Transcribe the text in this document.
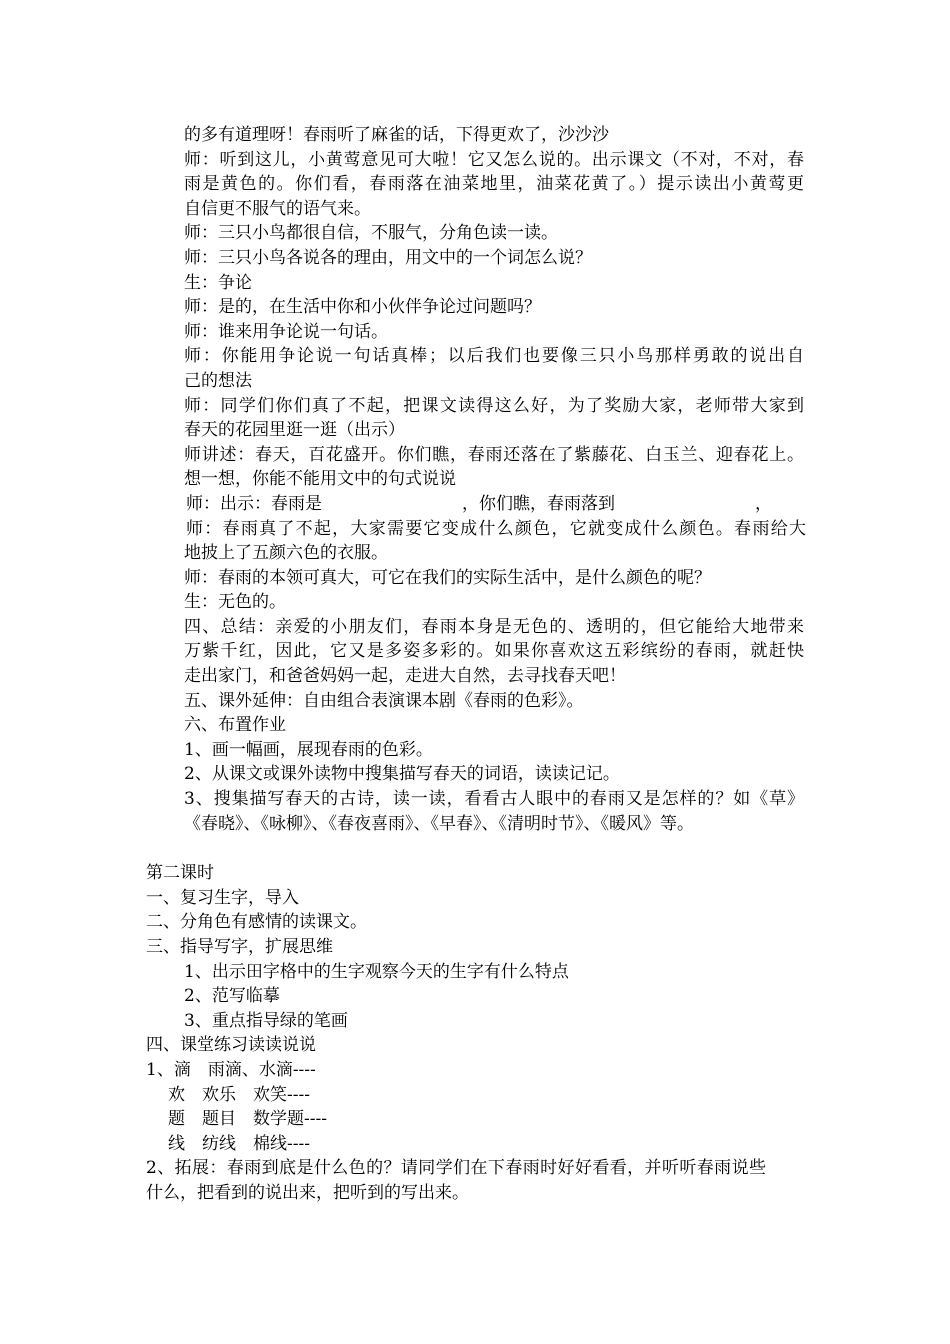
的多有道理呀！春雨听了麻雀的话，下得更欢了，沙沙沙

师：听到这儿，小黄莺意见可大啦！它又怎么说的。出示课文（不对，不对，春

雨是黄色的。你们看，春雨落在油菜地里，油菜花黄了。）提示读出小黄莺更

自信更不服气的语气来。

师：三只小鸟都很自信，不服气，分角色读一读。

师：三只小鸟各说各的理由，用文中的一个词怎么说？

生：争论

师：是的，在生活中你和小伙伴争论过问题吗？

师：谁来用争论说一句话。

师：你能用争论说一句话真棒；以后我们也要像三只小鸟那样勇敢的说出自

己的想法

师：同学们你们真了不起，把课文读得这么好，为了奖励大家，老师带大家到

春天的花园里逛一逛（出示）

师讲述：春天，百花盛开。你们瞧，春雨还落在了紫藤花、白玉兰、迎春花上。

想一想，你能不能用文中的句式说说

师：出示：春雨是	，你们瞧，春雨落到	，

师：春雨真了不起，大家需要它变成什么颜色，它就变成什么颜色。春雨给大

地披上了五颜六色的衣服。

师：春雨的本领可真大，可它在我们的实际生活中，是什么颜色的呢？

生：无色的。

四、总结：亲爱的小朋友们，春雨本身是无色的、透明的，但它能给大地带来

万紫千红，因此，它又是多姿多彩的。如果你喜欢这五彩缤纷的春雨，就赶快

走出家门，和爸爸妈妈一起，走进大自然，去寻找春天吧！

五、课外延伸：自由组合表演课本剧《春雨的色彩》。

六、布置作业

1、画一幅画，展现春雨的色彩。

2、从课文或课外读物中搜集描写春天的词语，读读记记。

3、搜集描写春天的古诗，读一读，看看古人眼中的春雨又是怎样的？如《草》

《春晓》、《咏柳》、《春夜喜雨》、《早春》、《清明时节》、《暖风》等。

第二课时

一、复习生字，导入

二、分角色有感情的读课文。

三、指导写字，扩展思维

1、出示田字格中的生字观察今天的生字有什么特点

2、范写临摹

3、重点指导绿的笔画

四、课堂练习读读说说

1、滴　雨滴、水滴----

欢　欢乐　欢笑----

题　题目　数学题----

线　纺线　棉线----

2、拓展：春雨到底是什么色的？请同学们在下春雨时好好看看，并听听春雨说些

什么，把看到的说出来，把听到的写出来。
